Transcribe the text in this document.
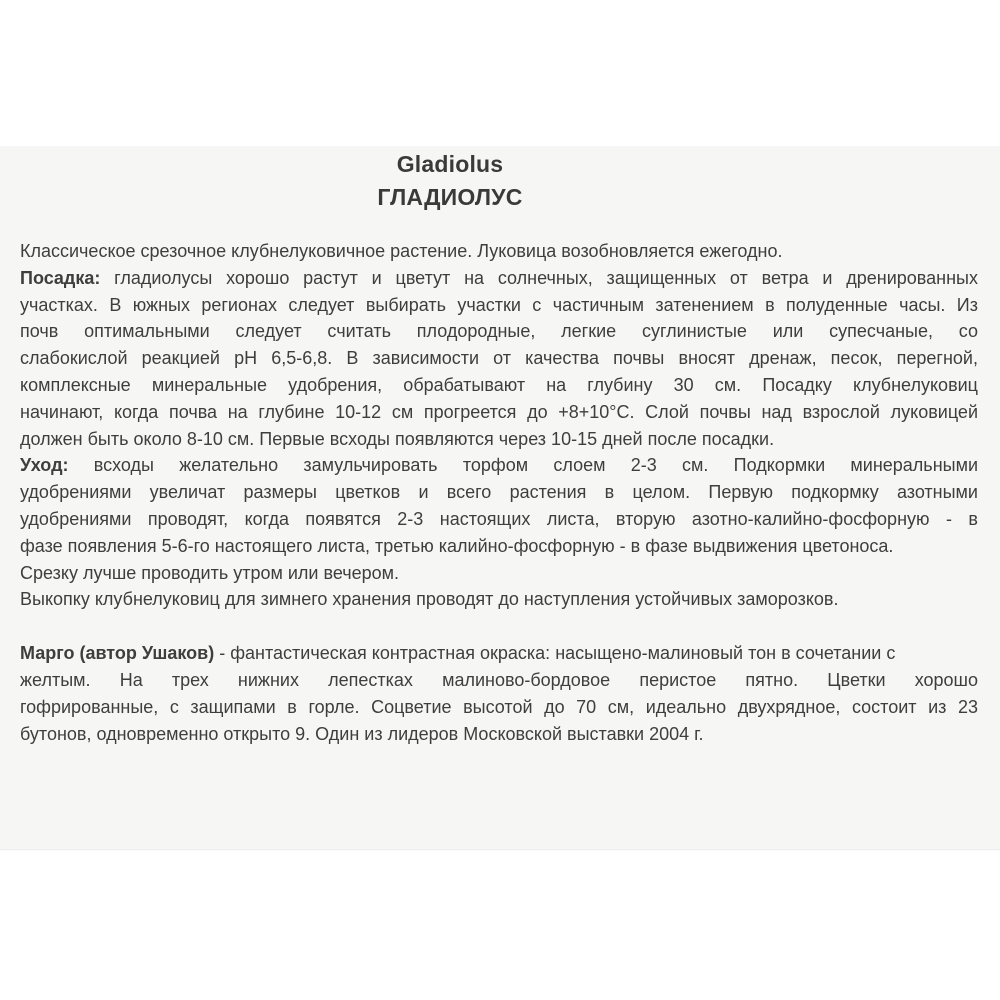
Gladiolus
ГЛАДИОЛУС
Классическое срезочное клубнелуковичное растение. Луковица возобновляется ежегодно.
Посадка: гладиолусы хорошо растут и цветут на солнечных, защищенных от ветра и дренированных
участках. В южных регионах следует выбирать участки с частичным затенением в полуденные часы. Из
почв оптимальными следует считать плодородные, легкие суглинистые или супесчаные, со
слабокислой реакцией pH 6,5-6,8. В зависимости от качества почвы вносят дренаж, песок, перегной,
комплексные минеральные удобрения, обрабатывают на глубину 30 см. Посадку клубнелуковиц
начинают, когда почва на глубине 10-12 см прогреется до +8+10°С. Слой почвы над взрослой луковицей
должен быть около 8-10 см. Первые всходы появляются через 10-15 дней после посадки.
Уход: всходы желательно замульчировать торфом слоем 2-3 см. Подкормки минеральными
удобрениями увеличат размеры цветков и всего растения в целом. Первую подкормку азотными
удобрениями проводят, когда появятся 2-3 настоящих листа, вторую азотно-калийно-фосфорную - в
фазе появления 5-6-го настоящего листа, третью калийно-фосфорную - в фазе выдвижения цветоноса.
Срезку лучше проводить утром или вечером.
Выкопку клубнелуковиц для зимнего хранения проводят до наступления устойчивых заморозков.
Марго (автор Ушаков) - фантастическая контрастная окраска: насыщено-малиновый тон в сочетании с
желтым. На трех нижних лепестках малиново-бордовое перистое пятно. Цветки хорошо
гофрированные, с защипами в горле. Соцветие высотой до 70 см, идеально двухрядное, состоит из 23
бутонов, одновременно открыто 9. Один из лидеров Московской выставки 2004 г.
